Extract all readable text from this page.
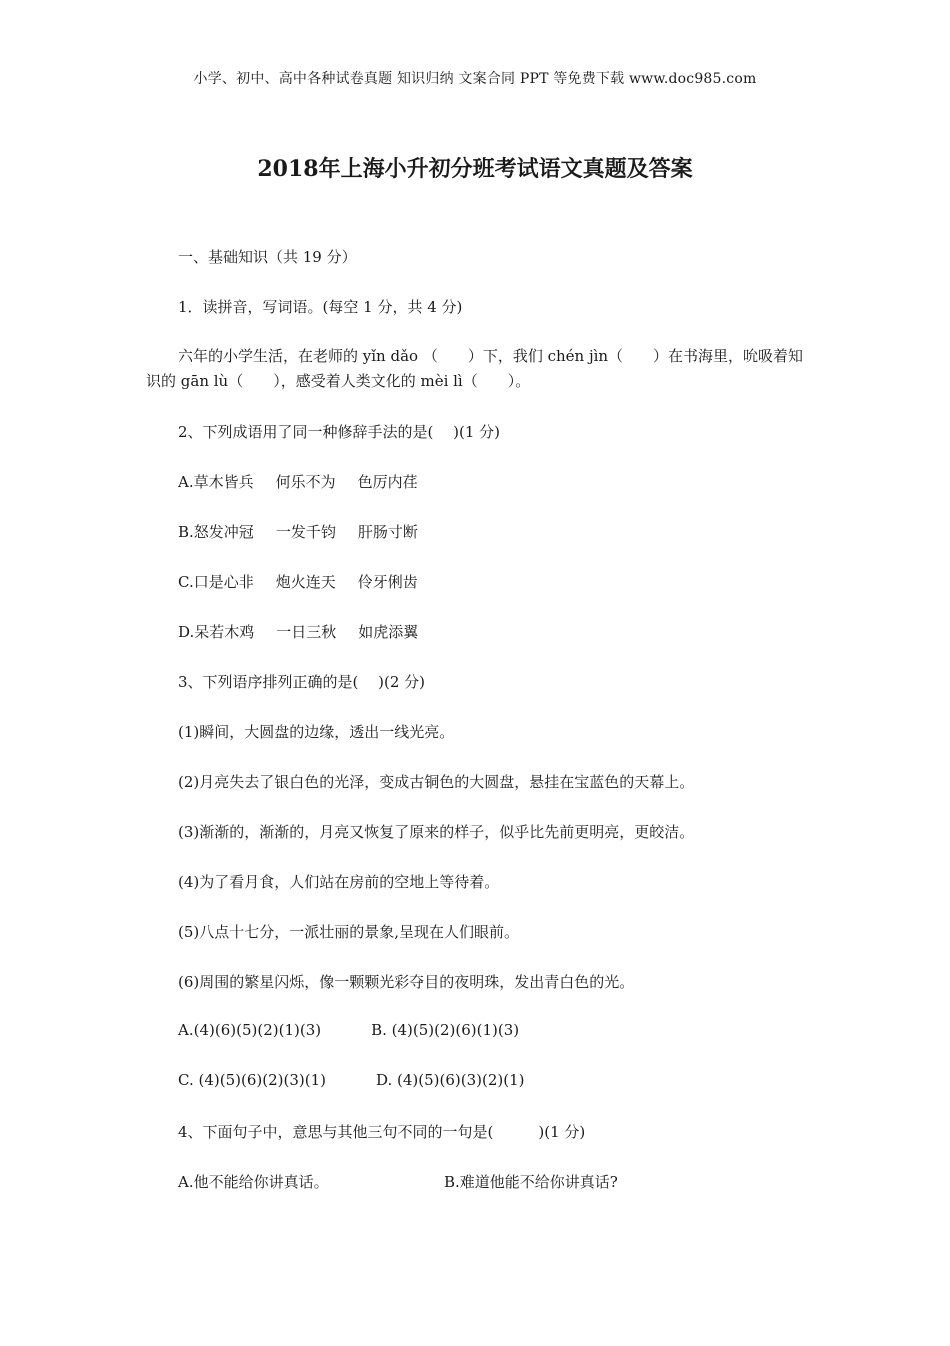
小学、初中、高中各种试卷真题 知识归纳 文案合同 PPT 等免费下载 www.doc985.com
2018年上海小升初分班考试语文真题及答案
一、基础知识（共 19 分）
1．读拼音，写词语。(每空 1 分，共 4 分)
六年的小学生活，在老师的 yǐn dǎo （　　）下，我们 chén jìn（　　）在书海里，吮吸着知识的 gān lù（　　），感受着人类文化的 mèi lì（　　）。
2、下列成语用了同一种修辞手法的是(　 )(1 分)
A.草木皆兵 何乐不为 色厉内荏
B.怒发冲冠 一发千钧 肝肠寸断
C.口是心非 炮火连天 伶牙俐齿
D.呆若木鸡 一日三秋 如虎添翼
3、下列语序排列正确的是(　 )(2 分)
(1)瞬间，大圆盘的边缘，透出一线光亮。
(2)月亮失去了银白色的光泽，变成古铜色的大圆盘，悬挂在宝蓝色的天幕上。
(3)渐渐的，渐渐的，月亮又恢复了原来的样子，似乎比先前更明亮，更皎洁。
(4)为了看月食，人们站在房前的空地上等待着。
(5)八点十七分，一派壮丽的景象,呈现在人们眼前。
(6)周围的繁星闪烁，像一颗颗光彩夺目的夜明珠，发出青白色的光。
A.(4)(6)(5)(2)(1)(3)	B. (4)(5)(2)(6)(1)(3)
C. (4)(5)(6)(2)(3)(1)	D. (4)(5)(6)(3)(2)(1)
4、下面句子中，意思与其他三句不同的一句是(　　　)(1 分)
A.他不能给你讲真话。	B.难道他能不给你讲真话?
